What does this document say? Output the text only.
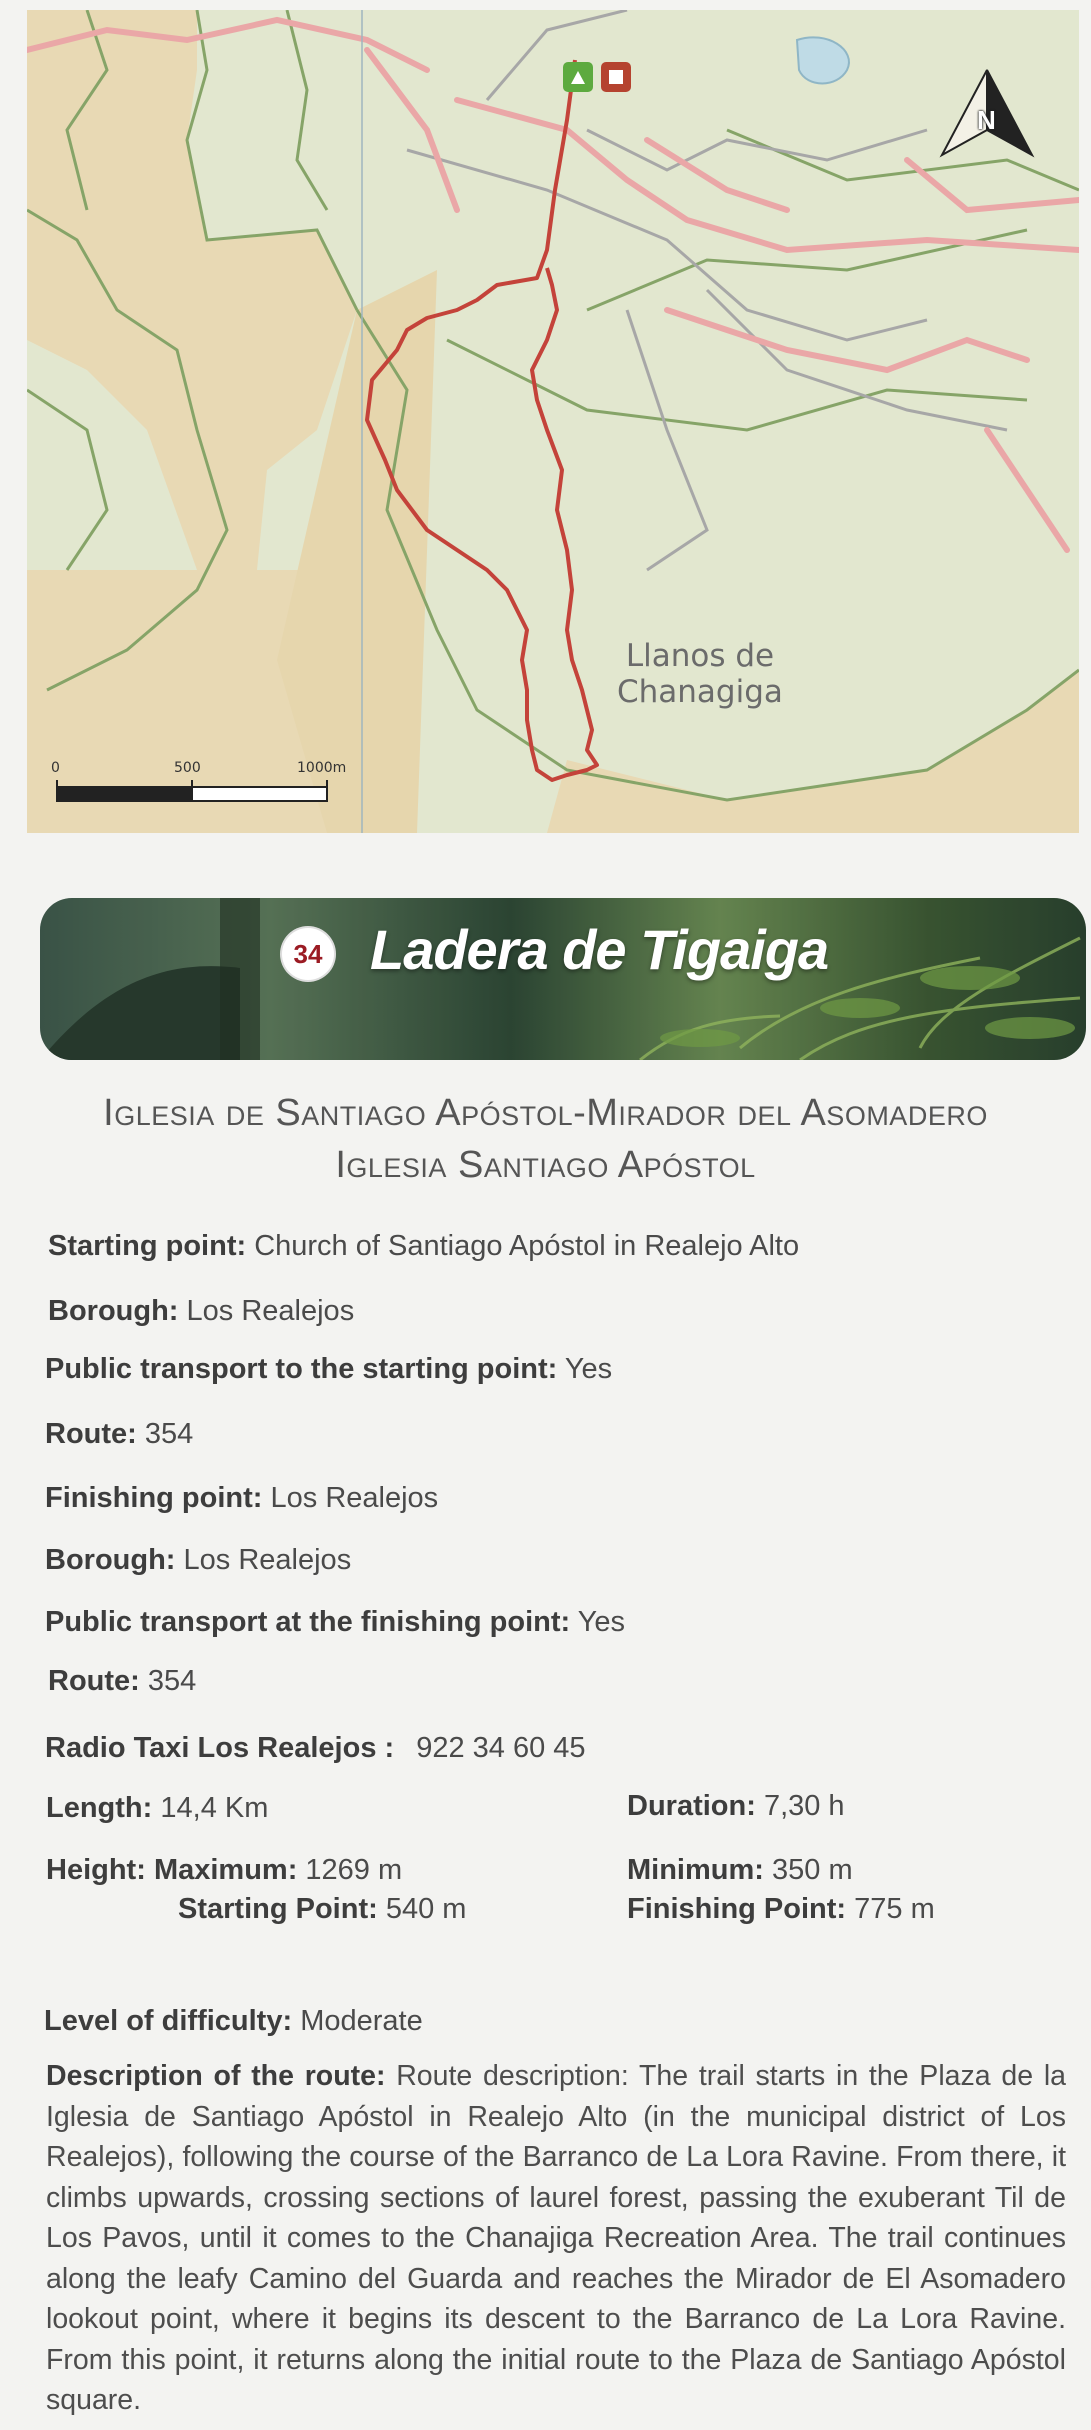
0	500	1000m
N
Llanos de
Chanagiga
34 Ladera de Tigaiga
Iglesia de Santiago Apóstol-Mirador del Asomadero
Iglesia Santiago Apóstol
Starting point: Church of Santiago Apóstol in Realejo Alto
Borough: Los Realejos
Public transport to the starting point: Yes
Route: 354
Finishing point: Los Realejos
Borough: Los Realejos
Public transport at the finishing point: Yes
Route: 354
Radio Taxi Los Realejos : 922 34 60 45
Length: 14,4 Km	Duration: 7,30 h
Height: Maximum: 1269 m	Minimum: 350 m
Starting Point: 540 m	Finishing Point: 775 m
Level of difficulty: Moderate
Description of the route: Route description: The trail starts in the Plaza de la Iglesia de Santiago Apóstol in Realejo Alto (in the municipal district of Los Realejos), following the course of the Barranco de La Lora Ravine. From there, it climbs upwards, crossing sections of laurel forest, passing the exuberant Til de Los Pavos, until it comes to the Chanajiga Recreation Area. The trail continues along the leafy Camino del Guarda and reaches the Mirador de El Asomadero lookout point, where it begins its descent to the Barranco de La Lora Ravine. From this point, it returns along the initial route to the Plaza de Santiago Apóstol square.
